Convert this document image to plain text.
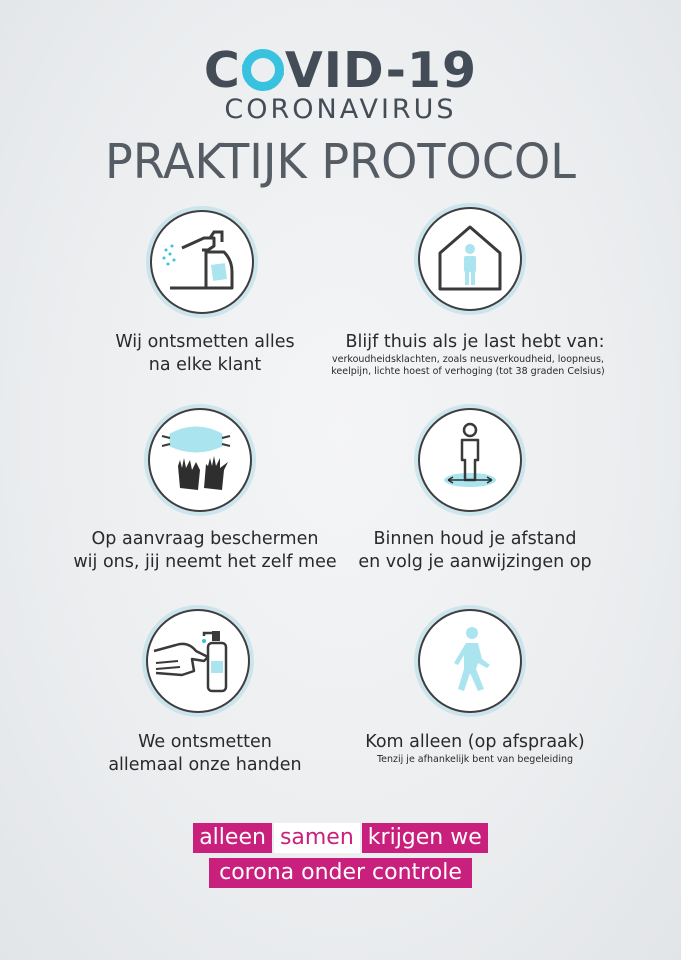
C VID-19
CORONAVIRUS
PRAKTIJK PROTOCOL
Wij ontsmetten alles
na elke klant
Blijf thuis als je last hebt van:
verkoudheidsklachten, zoals neusverkoudheid, loopneus,
keelpijn, lichte hoest of verhoging (tot 38 graden Celsius)
Op aanvraag beschermen
wij ons, jij neemt het zelf mee
Binnen houd je afstand
en volg je aanwijzingen op
We ontsmetten
allemaal onze handen
Kom alleen (op afspraak)
Tenzij je afhankelijk bent van begeleiding
alleen samen krijgen we
corona onder controle
